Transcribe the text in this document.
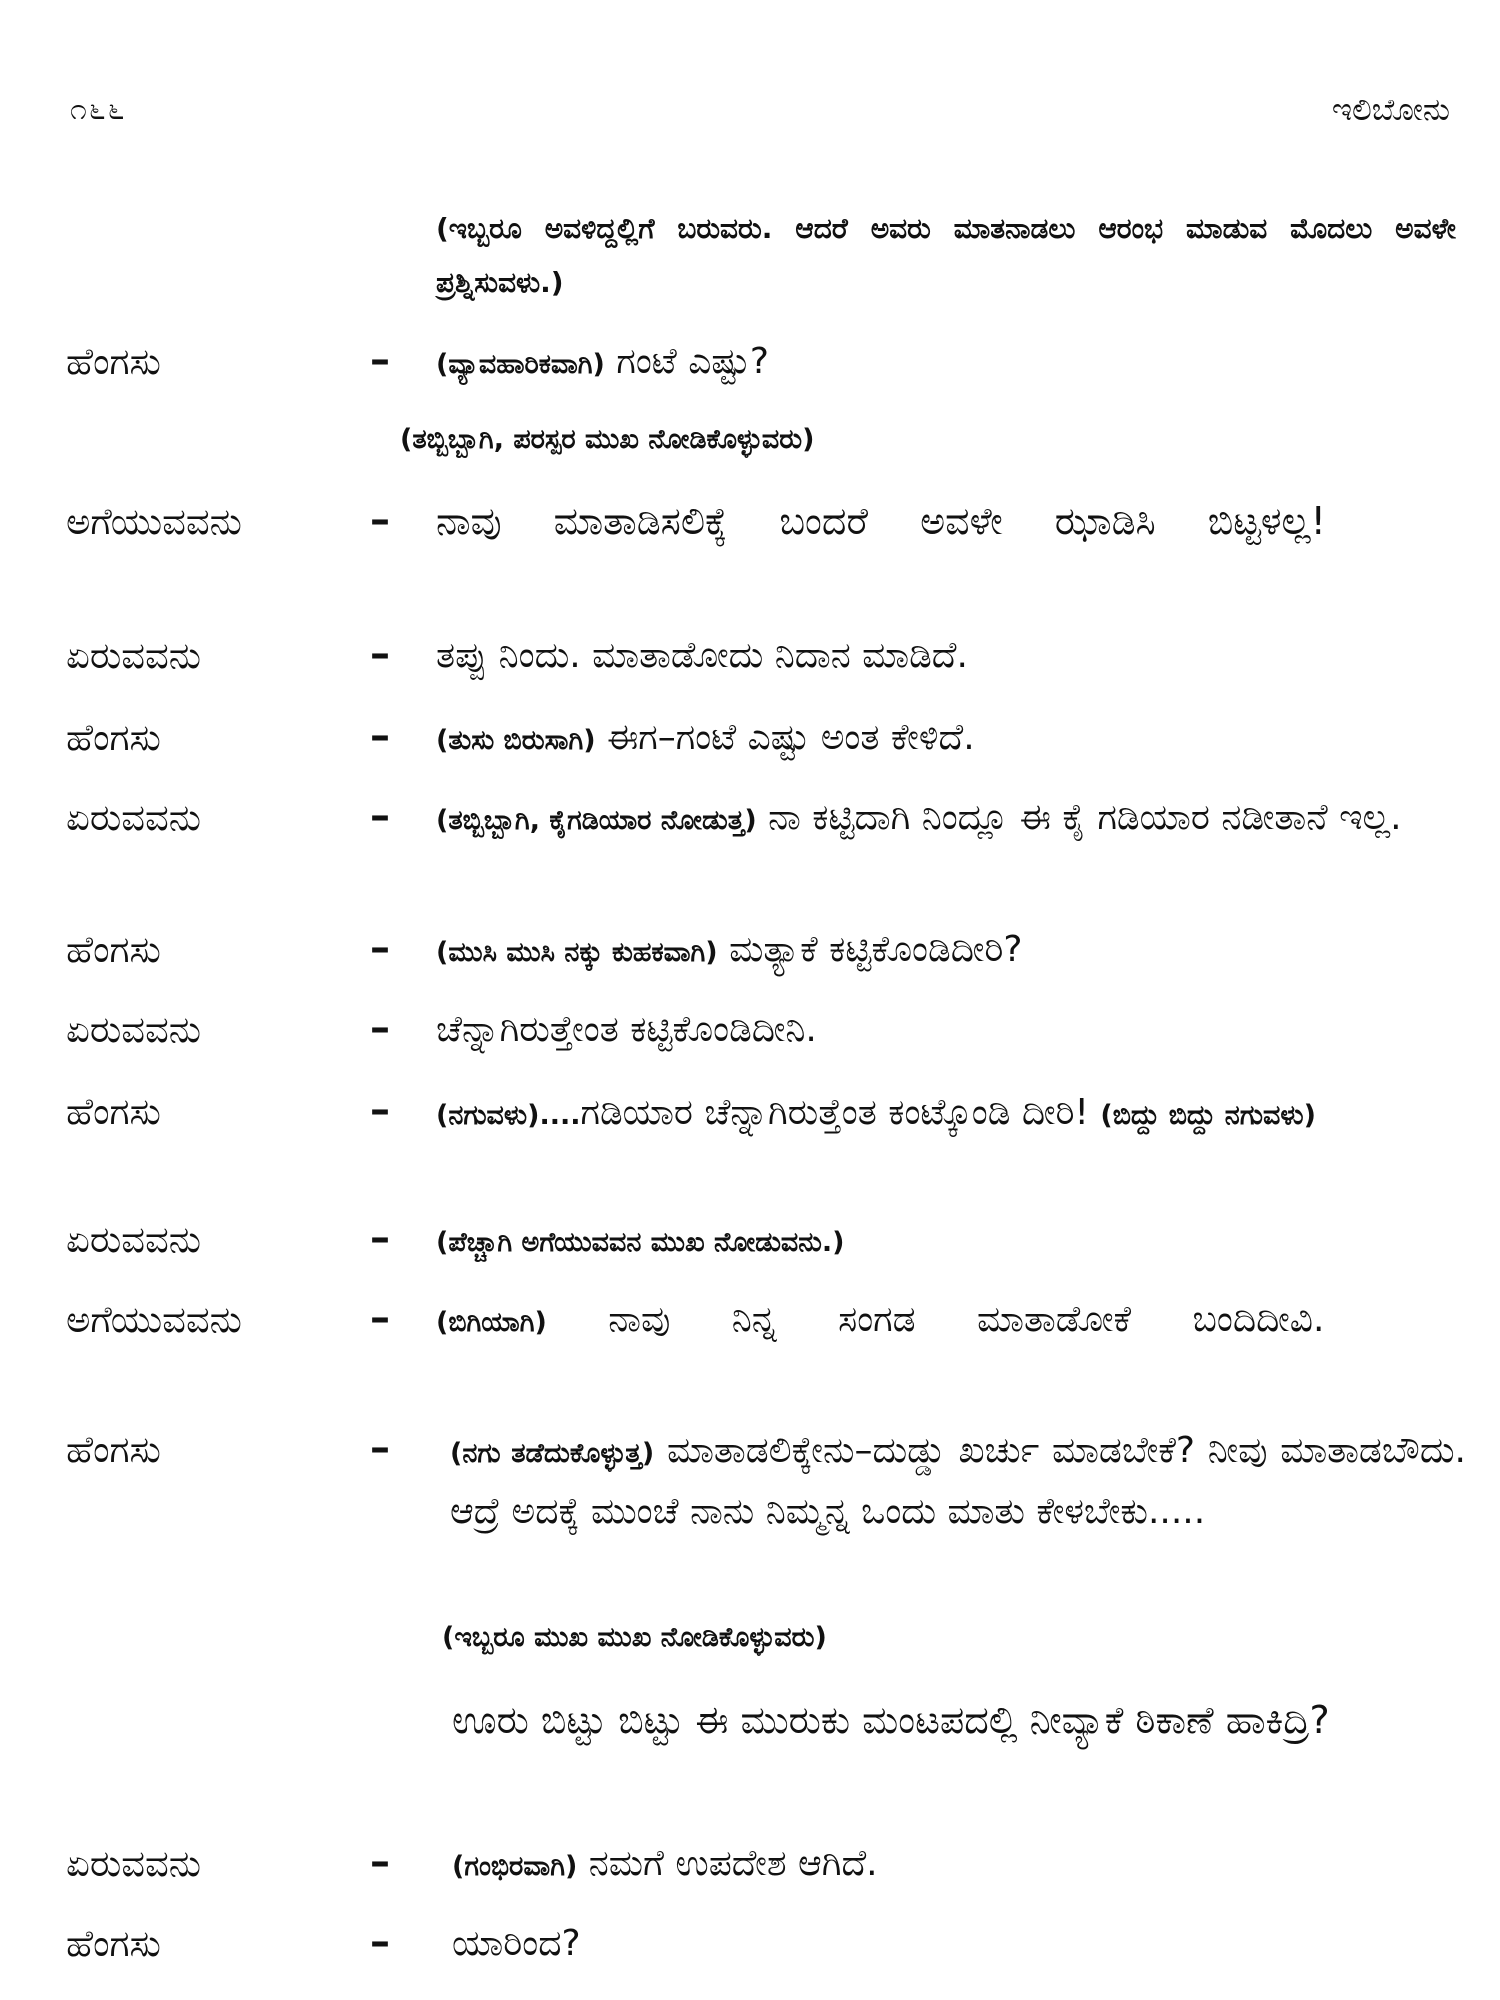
೧೬೬	ಇಲಿಬೋನು
(ಇಬ್ಬರೂ ಅವಳಿದ್ದಲ್ಲಿಗೆ ಬರುವರು. ಆದರೆ ಅವರು ಮಾತನಾಡಲು ಆರಂಭ ಮಾಡುವ ಮೊದಲು ಅವಳೇ ಪ್ರಶ್ನಿಸುವಳು.)
ಹೆಂಗಸು	– (ವ್ಯಾವಹಾರಿಕವಾಗಿ) ಗಂಟೆ ಎಷ್ಟು?
(ತಬ್ಬಿಬ್ಬಾಗಿ, ಪರಸ್ಪರ ಮುಖ ನೋಡಿಕೊಳ್ಳುವರು)
ಅಗೆಯುವವನು	– ನಾವು ಮಾತಾಡಿಸಲಿಕ್ಕೆ ಬಂದರೆ ಅವಳೇ ಝಾಡಿಸಿ ಬಿಟ್ಟಳಲ್ಲ!
ಏರುವವನು	– ತಪ್ಪು ನಿಂದು. ಮಾತಾಡೋದು ನಿದಾನ ಮಾಡಿದೆ.
ಹೆಂಗಸು	– (ತುಸು ಬಿರುಸಾಗಿ) ಈಗ–ಗಂಟೆ ಎಷ್ಟು ಅಂತ ಕೇಳಿದೆ.
ಏರುವವನು	– (ತಬ್ಬಿಬ್ಬಾಗಿ, ಕೈಗಡಿಯಾರ ನೋಡುತ್ತ) ನಾ ಕಟ್ಟಿದಾಗಿ ನಿಂದ್ಲೂ ಈ ಕೈ ಗಡಿಯಾರ ನಡೀತಾನೆ ಇಲ್ಲ.
ಹೆಂಗಸು	– (ಮುಸಿ ಮುಸಿ ನಕ್ಕು ಕುಹಕವಾಗಿ) ಮತ್ಯಾಕೆ ಕಟ್ಟಿಕೊಂಡಿದೀರಿ?
ಏರುವವನು	– ಚೆನ್ನಾಗಿರುತ್ತೇಂತ ಕಟ್ಟಿಕೊಂಡಿದೀನಿ.
ಹೆಂಗಸು	– (ನಗುವಳು)....ಗಡಿಯಾರ ಚೆನ್ನಾಗಿರುತ್ತೆಂತ ಕಂಟ್ಕೊಂಡಿ ದೀರಿ! (ಬಿದ್ದು ಬಿದ್ದು ನಗುವಳು)
ಏರುವವನು	– (ಪೆಚ್ಚಾಗಿ ಅಗೆಯುವವನ ಮುಖ ನೋಡುವನು.)
ಅಗೆಯುವವನು	– (ಬಿಗಿಯಾಗಿ) ನಾವು ನಿನ್ನ ಸಂಗಡ ಮಾತಾಡೋಕೆ ಬಂದಿದೀವಿ.
ಹೆಂಗಸು	– (ನಗು ತಡೆದುಕೊಳ್ಳುತ್ತ) ಮಾತಾಡಲಿಕ್ಕೇನು–ದುಡ್ಡು ಖರ್ಚು ಮಾಡಬೇಕೆ? ನೀವು ಮಾತಾಡಬೌದು. ಆದ್ರೆ ಅದಕ್ಕೆ ಮುಂಚೆ ನಾನು ನಿಮ್ಮನ್ನ ಒಂದು ಮಾತು ಕೇಳಬೇಕು.....
(ಇಬ್ಬರೂ ಮುಖ ಮುಖ ನೋಡಿಕೊಳ್ಳುವರು)
ಊರು ಬಿಟ್ಟು ಬಿಟ್ಟು ಈ ಮುರುಕು ಮಂಟಪದಲ್ಲಿ ನೀವ್ಯಾಕೆ ಠಿಕಾಣೆ ಹಾಕಿದ್ರಿ?
ಏರುವವನು	– (ಗಂಭಿರವಾಗಿ) ನಮಗೆ ಉಪದೇಶ ಆಗಿದೆ.
ಹೆಂಗಸು	– ಯಾರಿಂದ?
